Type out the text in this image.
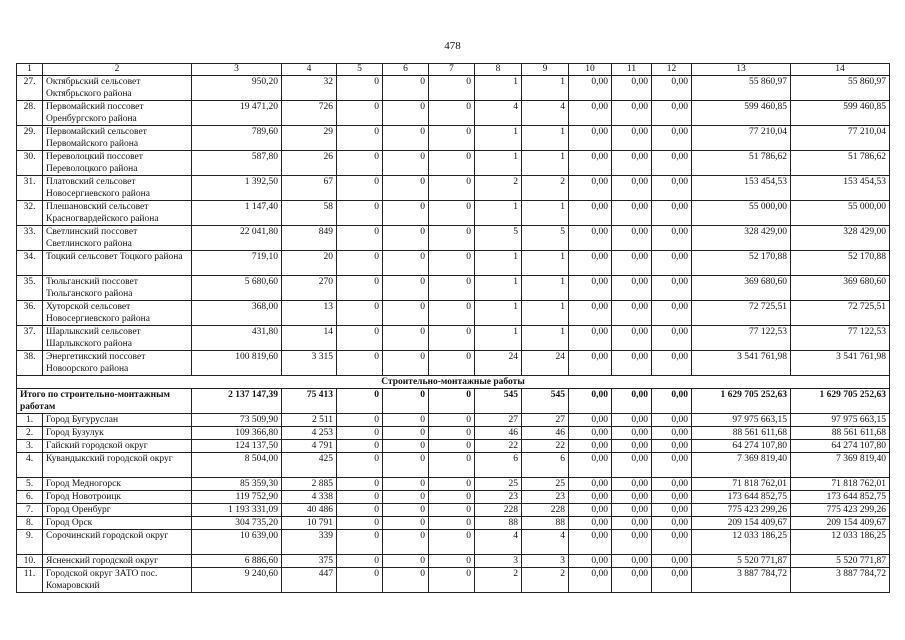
478
1	2	3	4	5	6	7	8	9	10	11	12	13	14
27.	Октябрьский сельсовет Октябрьского района	950,20	32	0	0	0	1	1	0,00	0,00	0,00	55 860,97	55 860,97
28.	Первомайский поссовет Оренбургского района	19 471,20	726	0	0	0	4	4	0,00	0,00	0,00	599 460,85	599 460,85
29.	Первомайский сельсовет Первомайского района	789,60	29	0	0	0	1	1	0,00	0,00	0,00	77 210,04	77 210,04
30.	Переволоцкий поссовет Переволоцкого района	587,80	26	0	0	0	1	1	0,00	0,00	0,00	51 786,62	51 786,62
31.	Платовский сельсовет Новосергиевского района	1 392,50	67	0	0	0	2	2	0,00	0,00	0,00	153 454,53	153 454,53
32.	Плешановский сельсовет Красногвардейского района	1 147,40	58	0	0	0	1	1	0,00	0,00	0,00	55 000,00	55 000,00
33.	Светлинский поссовет Светлинского района	22 041,80	849	0	0	0	5	5	0,00	0,00	0,00	328 429,00	328 429,00
34.	Тоцкий сельсовет Тоцкого района	719,10	20	0	0	0	1	1	0,00	0,00	0,00	52 170,88	52 170,88
35.	Тюльганский поссовет Тюльганского района	5 680,60	270	0	0	0	1	1	0,00	0,00	0,00	369 680,60	369 680,60
36.	Хуторской сельсовет Новосергиевского района	368,00	13	0	0	0	1	1	0,00	0,00	0,00	72 725,51	72 725,51
37.	Шарлыкский сельсовет Шарлыкского района	431,80	14	0	0	0	1	1	0,00	0,00	0,00	77 122,53	77 122,53
38.	Энергетикский поссовет Новоорского района	100 819,60	3 315	0	0	0	24	24	0,00	0,00	0,00	3 541 761,98	3 541 761,98
Строительно-монтажные работы													
Итого по строительно-монтажным работам		2 137 147,39	75 413	0	0	0	545	545	0,00	0,00	0,00	1 629 705 252,63	1 629 705 252,63
1.	Город Бугуруслан	73 509,90	2 511	0	0	0	27	27	0,00	0,00	0,00	97 975 663,15	97 975 663,15
2.	Город Бузулук	109 366,80	4 253	0	0	0	46	46	0,00	0,00	0,00	88 561 611,68	88 561 611,68
3.	Гайский городской округ	124 137,50	4 791	0	0	0	22	22	0,00	0,00	0,00	64 274 107,80	64 274 107,80
4.	Кувандыкский городской округ	8 504,00	425	0	0	0	6	6	0,00	0,00	0,00	7 369 819,40	7 369 819,40
5.	Город Медногорск	85 359,30	2 885	0	0	0	25	25	0,00	0,00	0,00	71 818 762,01	71 818 762,01
6.	Город Новотроицк	119 752,90	4 338	0	0	0	23	23	0,00	0,00	0,00	173 644 852,75	173 644 852,75
7.	Город Оренбург	1 193 331,09	40 486	0	0	0	228	228	0,00	0,00	0,00	775 423 299,26	775 423 299,26
8.	Город Орск	304 735,20	10 791	0	0	0	88	88	0,00	0,00	0,00	209 154 409,67	209 154 409,67
9.	Сорочинский городской округ	10 639,00	339	0	0	0	4	4	0,00	0,00	0,00	12 033 186,25	12 033 186,25
10.	Ясненский городской округ	6 886,60	375	0	0	0	3	3	0,00	0,00	0,00	5 520 771,87	5 520 771,87
11.	Городской округ ЗАТО пос. Комаровский	9 240,60	447	0	0	0	2	2	0,00	0,00	0,00	3 887 784,72	3 887 784,72
